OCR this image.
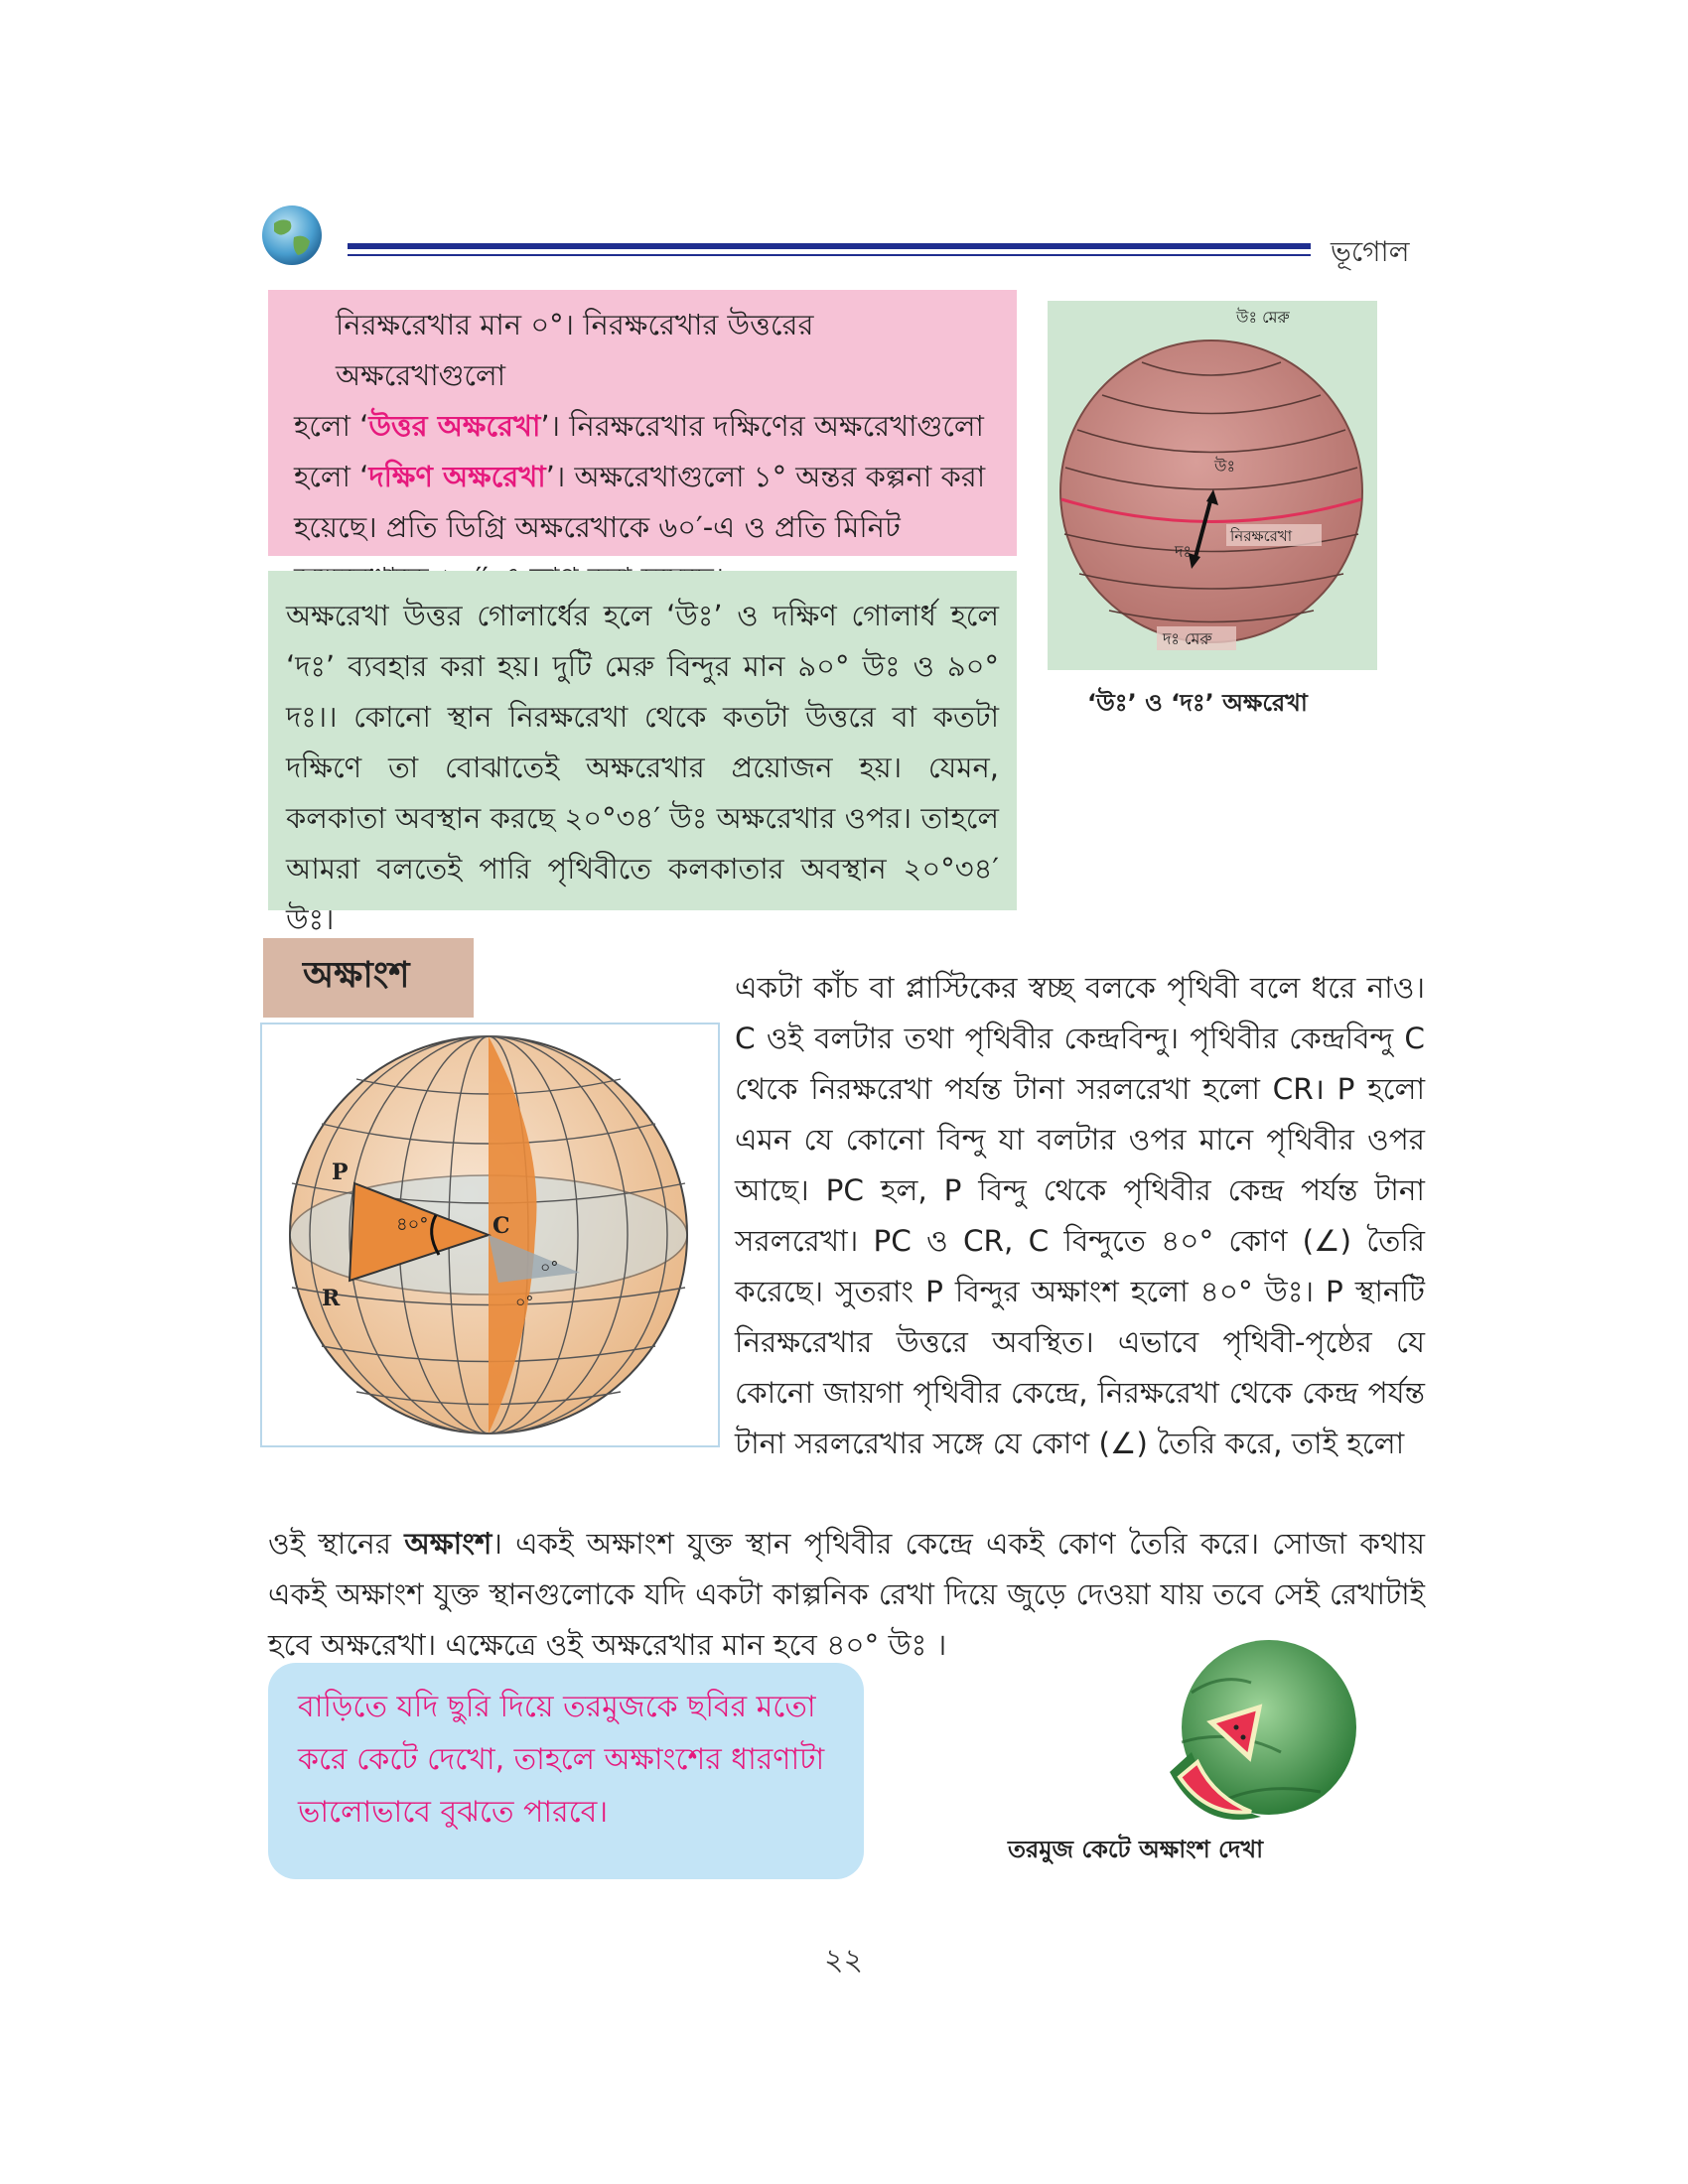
ভূগোল
নিরক্ষরেখার মান ০°। নিরক্ষরেখার উত্তরের অক্ষরেখাগুলো
হলো ‘উত্তর অক্ষরেখা’। নিরক্ষরেখার দক্ষিণের অক্ষরেখাগুলো
হলো ‘দক্ষিণ অক্ষরেখা’। অক্ষরেখাগুলো ১° অন্তর কল্পনা করা
হয়েছে। প্রতি ডিগ্রি অক্ষরেখাকে ৬০′-এ ও প্রতি মিনিট
অক্ষরেখা উত্তর গোলার্ধের হলে ‘উঃ’ ও দক্ষিণ গোলার্ধ হলে ‘দঃ’ ব্যবহার করা হয়। দুটি মেরু বিন্দুর মান ৯০° উঃ ও ৯০° দঃ।। কোনো স্থান নিরক্ষরেখা থেকে কতটা উত্তরে বা কতটা দক্ষিণে তা বোঝাতেই অক্ষরেখার প্রয়োজন হয়। যেমন, কলকাতা অবস্থান করছে ২০°৩৪′ উঃ অক্ষরেখার ওপর। তাহলে আমরা বলতেই পারি পৃথিবীতে কলকাতার অবস্থান ২০°৩৪′ উঃ।
উঃ মেরু
উঃ
নিরক্ষরেখা
দঃ
দঃ মেরু
‘উঃ’ ও ‘দঃ’ অক্ষরেখা
অক্ষাংশ
P
C
R
৪০°
০°
০°
একটা কাঁচ বা প্লাস্টিকের স্বচ্ছ বলকে পৃথিবী বলে ধরে নাও। C ওই বলটার তথা পৃথিবীর কেন্দ্রবিন্দু। পৃথিবীর কেন্দ্রবিন্দু C থেকে নিরক্ষরেখা পর্যন্ত টানা সরলরেখা হলো CR। P হলো এমন যে কোনো বিন্দু যা বলটার ওপর মানে পৃথিবীর ওপর আছে। PC হল, P বিন্দু থেকে পৃথিবীর কেন্দ্র পর্যন্ত টানা সরলরেখা। PC ও CR, C বিন্দুতে ৪০° কোণ (∠) তৈরি করেছে। সুতরাং P বিন্দুর অক্ষাংশ হলো ৪০° উঃ। P স্থানটি নিরক্ষরেখার উত্তরে অবস্থিত। এভাবে পৃথিবী-পৃষ্ঠের যে কোনো জায়গা পৃথিবীর কেন্দ্রে, নিরক্ষরেখা থেকে কেন্দ্র পর্যন্ত টানা সরলরেখার সঙ্গে যে কোণ (∠) তৈরি করে, তাই হলো
ওই স্থানের অক্ষাংশ। একই অক্ষাংশ যুক্ত স্থান পৃথিবীর কেন্দ্রে একই কোণ তৈরি করে। সোজা কথায় একই অক্ষাংশ যুক্ত স্থানগুলোকে যদি একটা কাল্পনিক রেখা দিয়ে জুড়ে দেওয়া যায় তবে সেই রেখাটাই হবে অক্ষরেখা। এক্ষেত্রে ওই অক্ষরেখার মান হবে ৪০° উঃ ।
বাড়িতে যদি ছুরি দিয়ে তরমুজকে ছবির মতো করে কেটে দেখো, তাহলে অক্ষাংশের ধারণাটা ভালোভাবে বুঝতে পারবে।
তরমুজ কেটে অক্ষাংশ দেখা
২২
